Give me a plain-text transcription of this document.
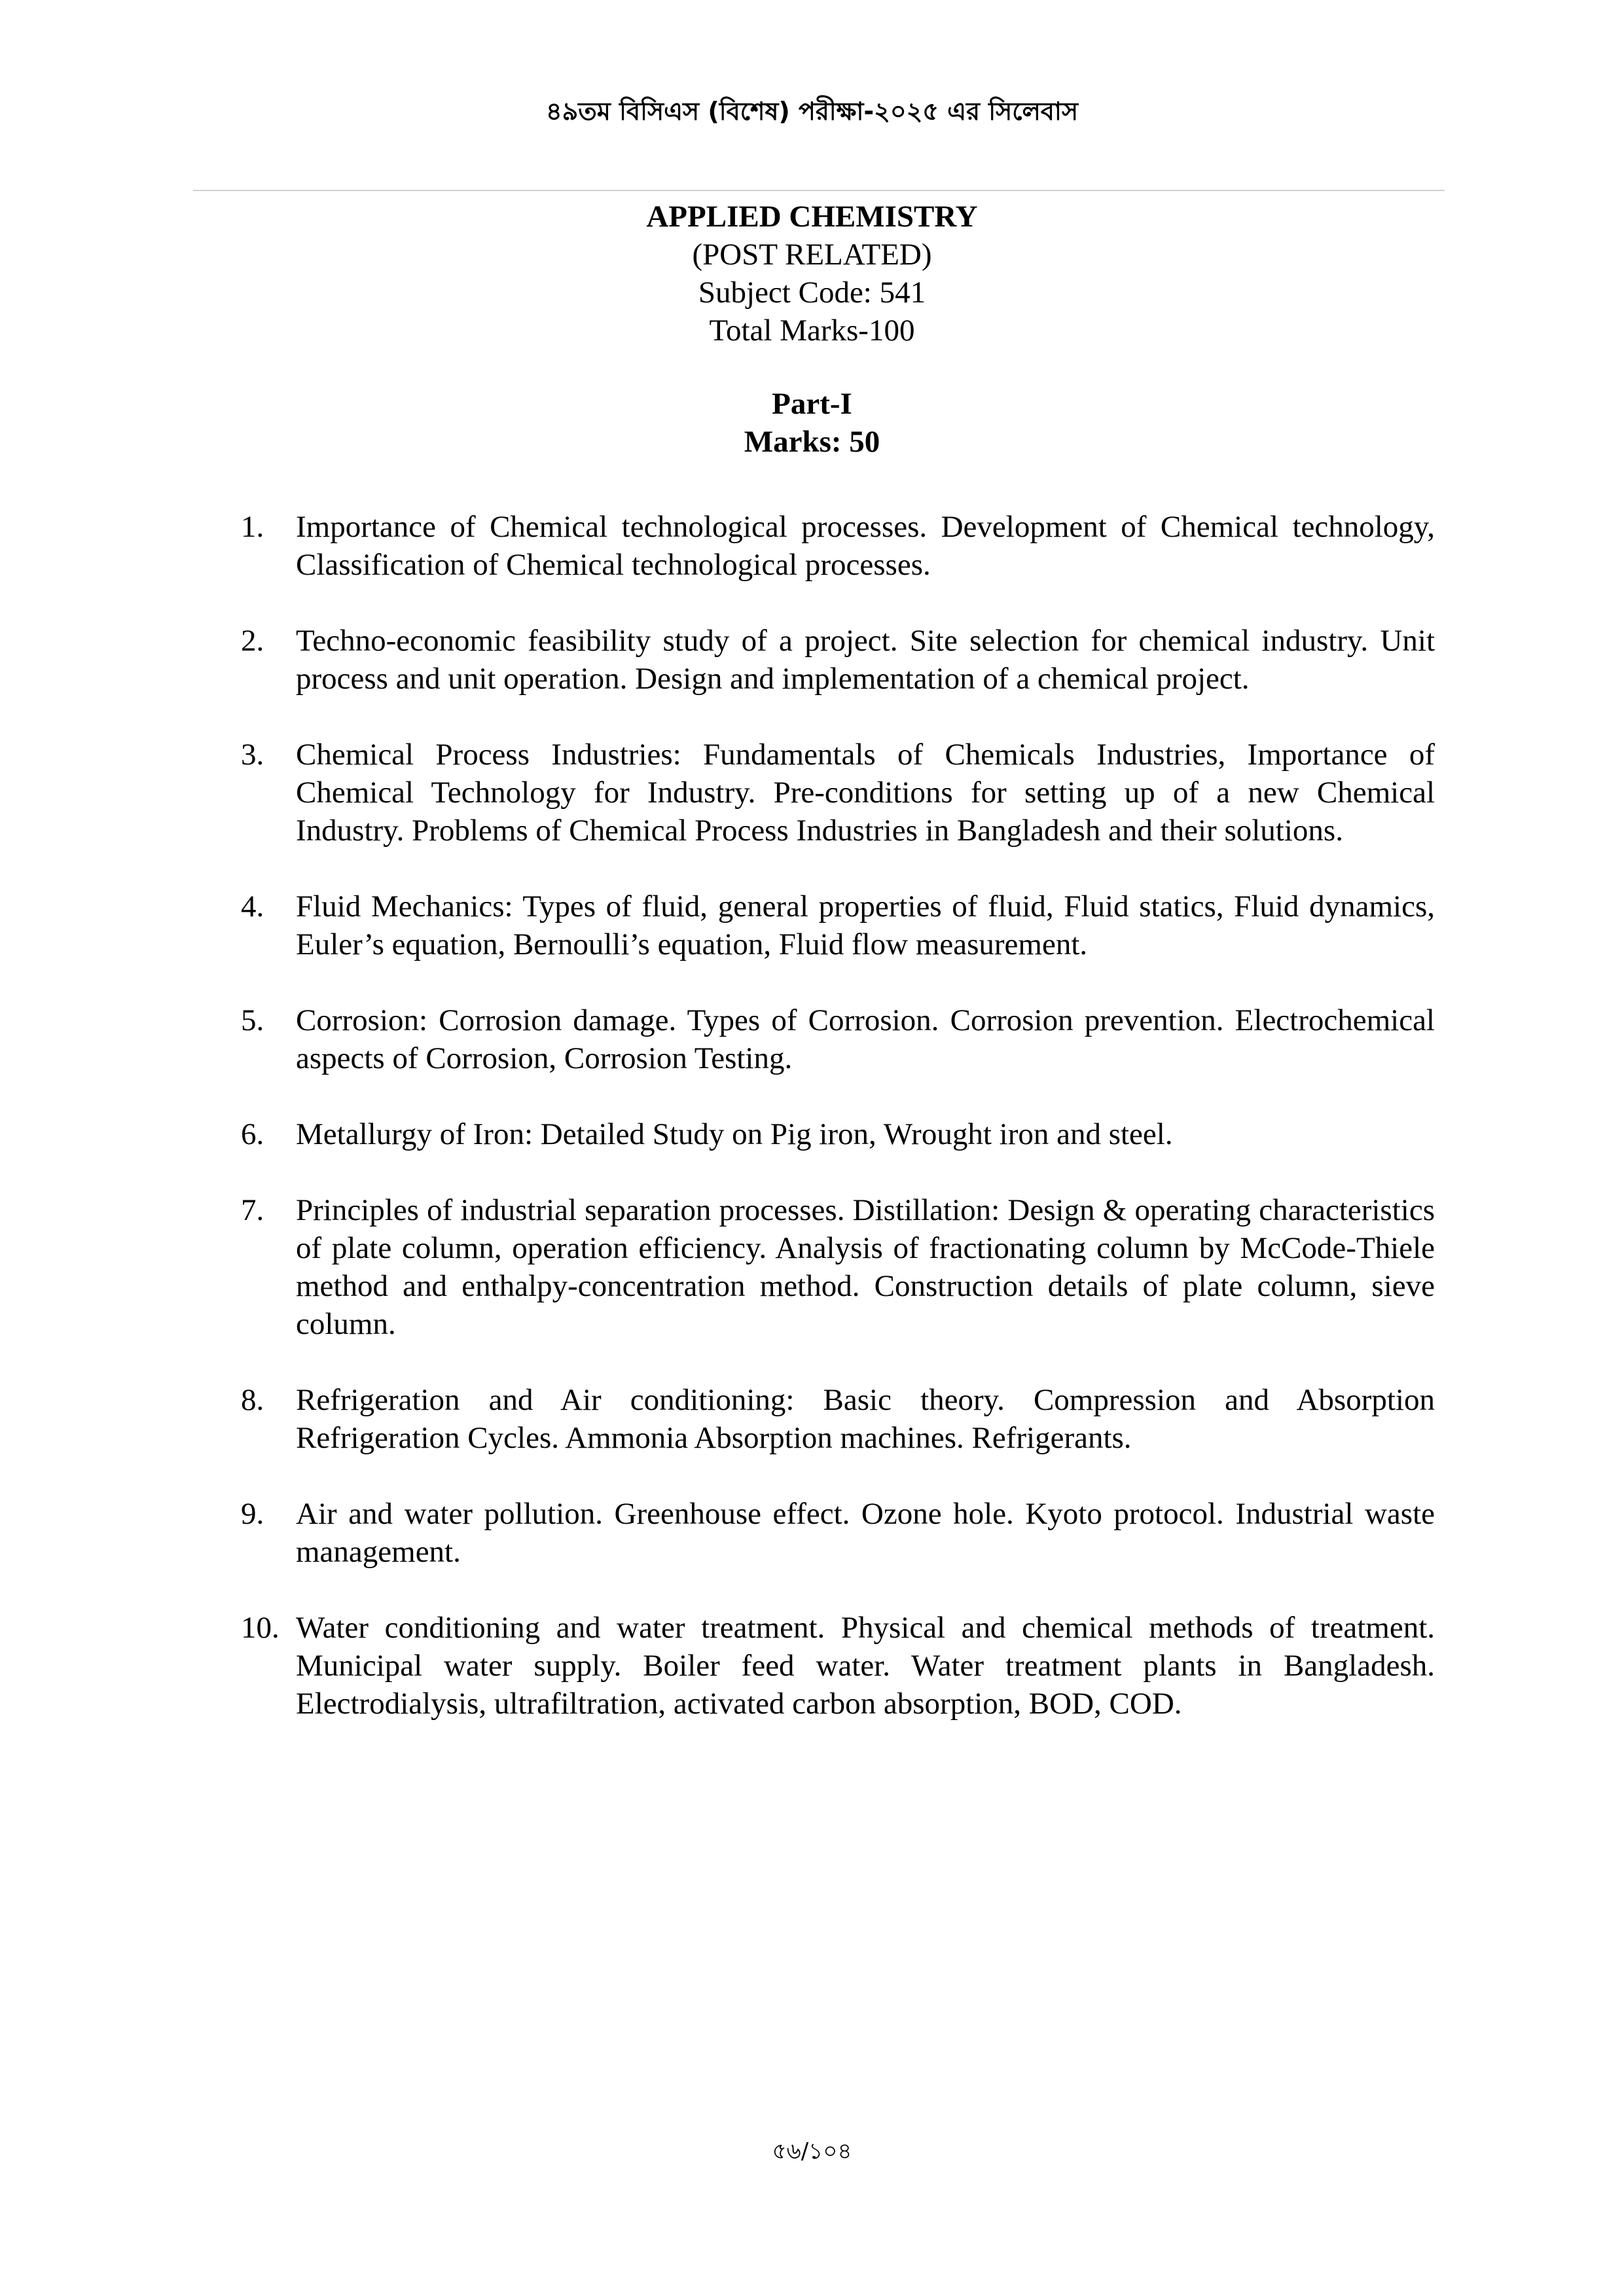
৪৯তম বিসিএস (বিশেষ) পরীক্ষা-২০২৫ এর সিলেবাস
APPLIED CHEMISTRY
(POST RELATED)
Subject Code: 541
Total Marks-100
Part-I
Marks: 50
1.	Importance of Chemical technological processes. Development of Chemical technology, Classification of Chemical technological processes.
2.	Techno-economic feasibility study of a project. Site selection for chemical industry. Unit process and unit operation. Design and implementation of a chemical project.
3.	Chemical Process Industries: Fundamentals of Chemicals Industries, Importance of Chemical Technology for Industry. Pre-conditions for setting up of a new Chemical Industry. Problems of Chemical Process Industries in Bangladesh and their solutions.
4.	Fluid Mechanics: Types of fluid, general properties of fluid, Fluid statics, Fluid dynamics, Euler’s equation, Bernoulli’s equation, Fluid flow measurement.
5.	Corrosion: Corrosion damage. Types of Corrosion. Corrosion prevention. Electrochemical aspects of Corrosion, Corrosion Testing.
6.	Metallurgy of Iron: Detailed Study on Pig iron, Wrought iron and steel.
7.	Principles of industrial separation processes. Distillation: Design & operating characteristics of plate column, operation efficiency. Analysis of fractionating column by McCode-Thiele method and enthalpy-concentration method. Construction details of plate column, sieve column.
8.	Refrigeration and Air conditioning: Basic theory. Compression and Absorption Refrigeration Cycles. Ammonia Absorption machines. Refrigerants.
9.	Air and water pollution. Greenhouse effect. Ozone hole. Kyoto protocol. Industrial waste management.
10. Water conditioning and water treatment. Physical and chemical methods of treatment. Municipal water supply. Boiler feed water. Water treatment plants in Bangladesh. Electrodialysis, ultrafiltration, activated carbon absorption, BOD, COD.
৫৬/১০৪
